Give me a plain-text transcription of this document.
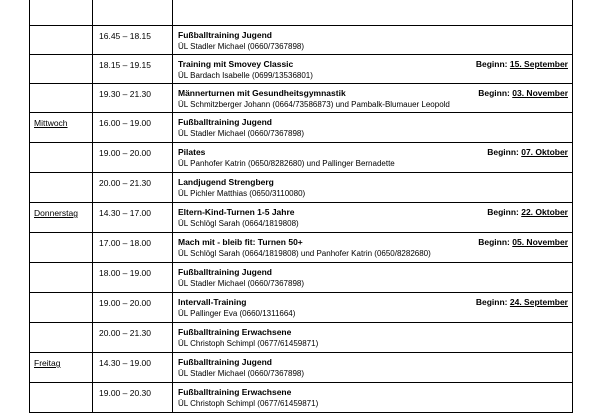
	16.45 – 18.15	Fußballtraining Jugend
ÜL Stadler Michael (0660/7367898)

	18.15 – 19.15	Training mit Smovey Classic Beginn: 15. September
ÜL Bardach Isabelle (0699/13536801)

	19.30 – 21.30	Männerturnen mit Gesundheitsgymnastik Beginn: 03. November
ÜL Schmitzberger Johann (0664/73586873) und Pambalk-Blumauer Leopold

Mittwoch	16.00 – 19.00	Fußballtraining Jugend
ÜL Stadler Michael (0660/7367898)

	19.00 – 20.00	Pilates Beginn: 07. Oktober
ÜL Panhofer Katrin (0650/8282680) und Pallinger Bernadette

	20.00 – 21.30	Landjugend Strengberg
ÜL Pichler Matthias (0650/3110080)

Donnerstag	14.30 – 17.00	Eltern-Kind-Turnen 1-5 Jahre Beginn: 22. Oktober
ÜL Schlögl Sarah (0664/1819808)

	17.00 – 18.00	Mach mit - bleib fit: Turnen 50+ Beginn: 05. November
ÜL Schlögl Sarah (0664/1819808) und Panhofer Katrin (0650/8282680)

	18.00 – 19.00	Fußballtraining Jugend
ÜL Stadler Michael (0660/7367898)

	19.00 – 20.00	Intervall-Training Beginn: 24. September
ÜL Pallinger Eva (0660/1311664)

	20.00 – 21.30	Fußballtraining Erwachsene
ÜL Christoph Schimpl (0677/61459871)

Freitag	14.30 – 19.00	Fußballtraining Jugend
ÜL Stadler Michael (0660/7367898)

	19.00 – 20.30	Fußballtraining Erwachsene
ÜL Christoph Schimpl (0677/61459871)
